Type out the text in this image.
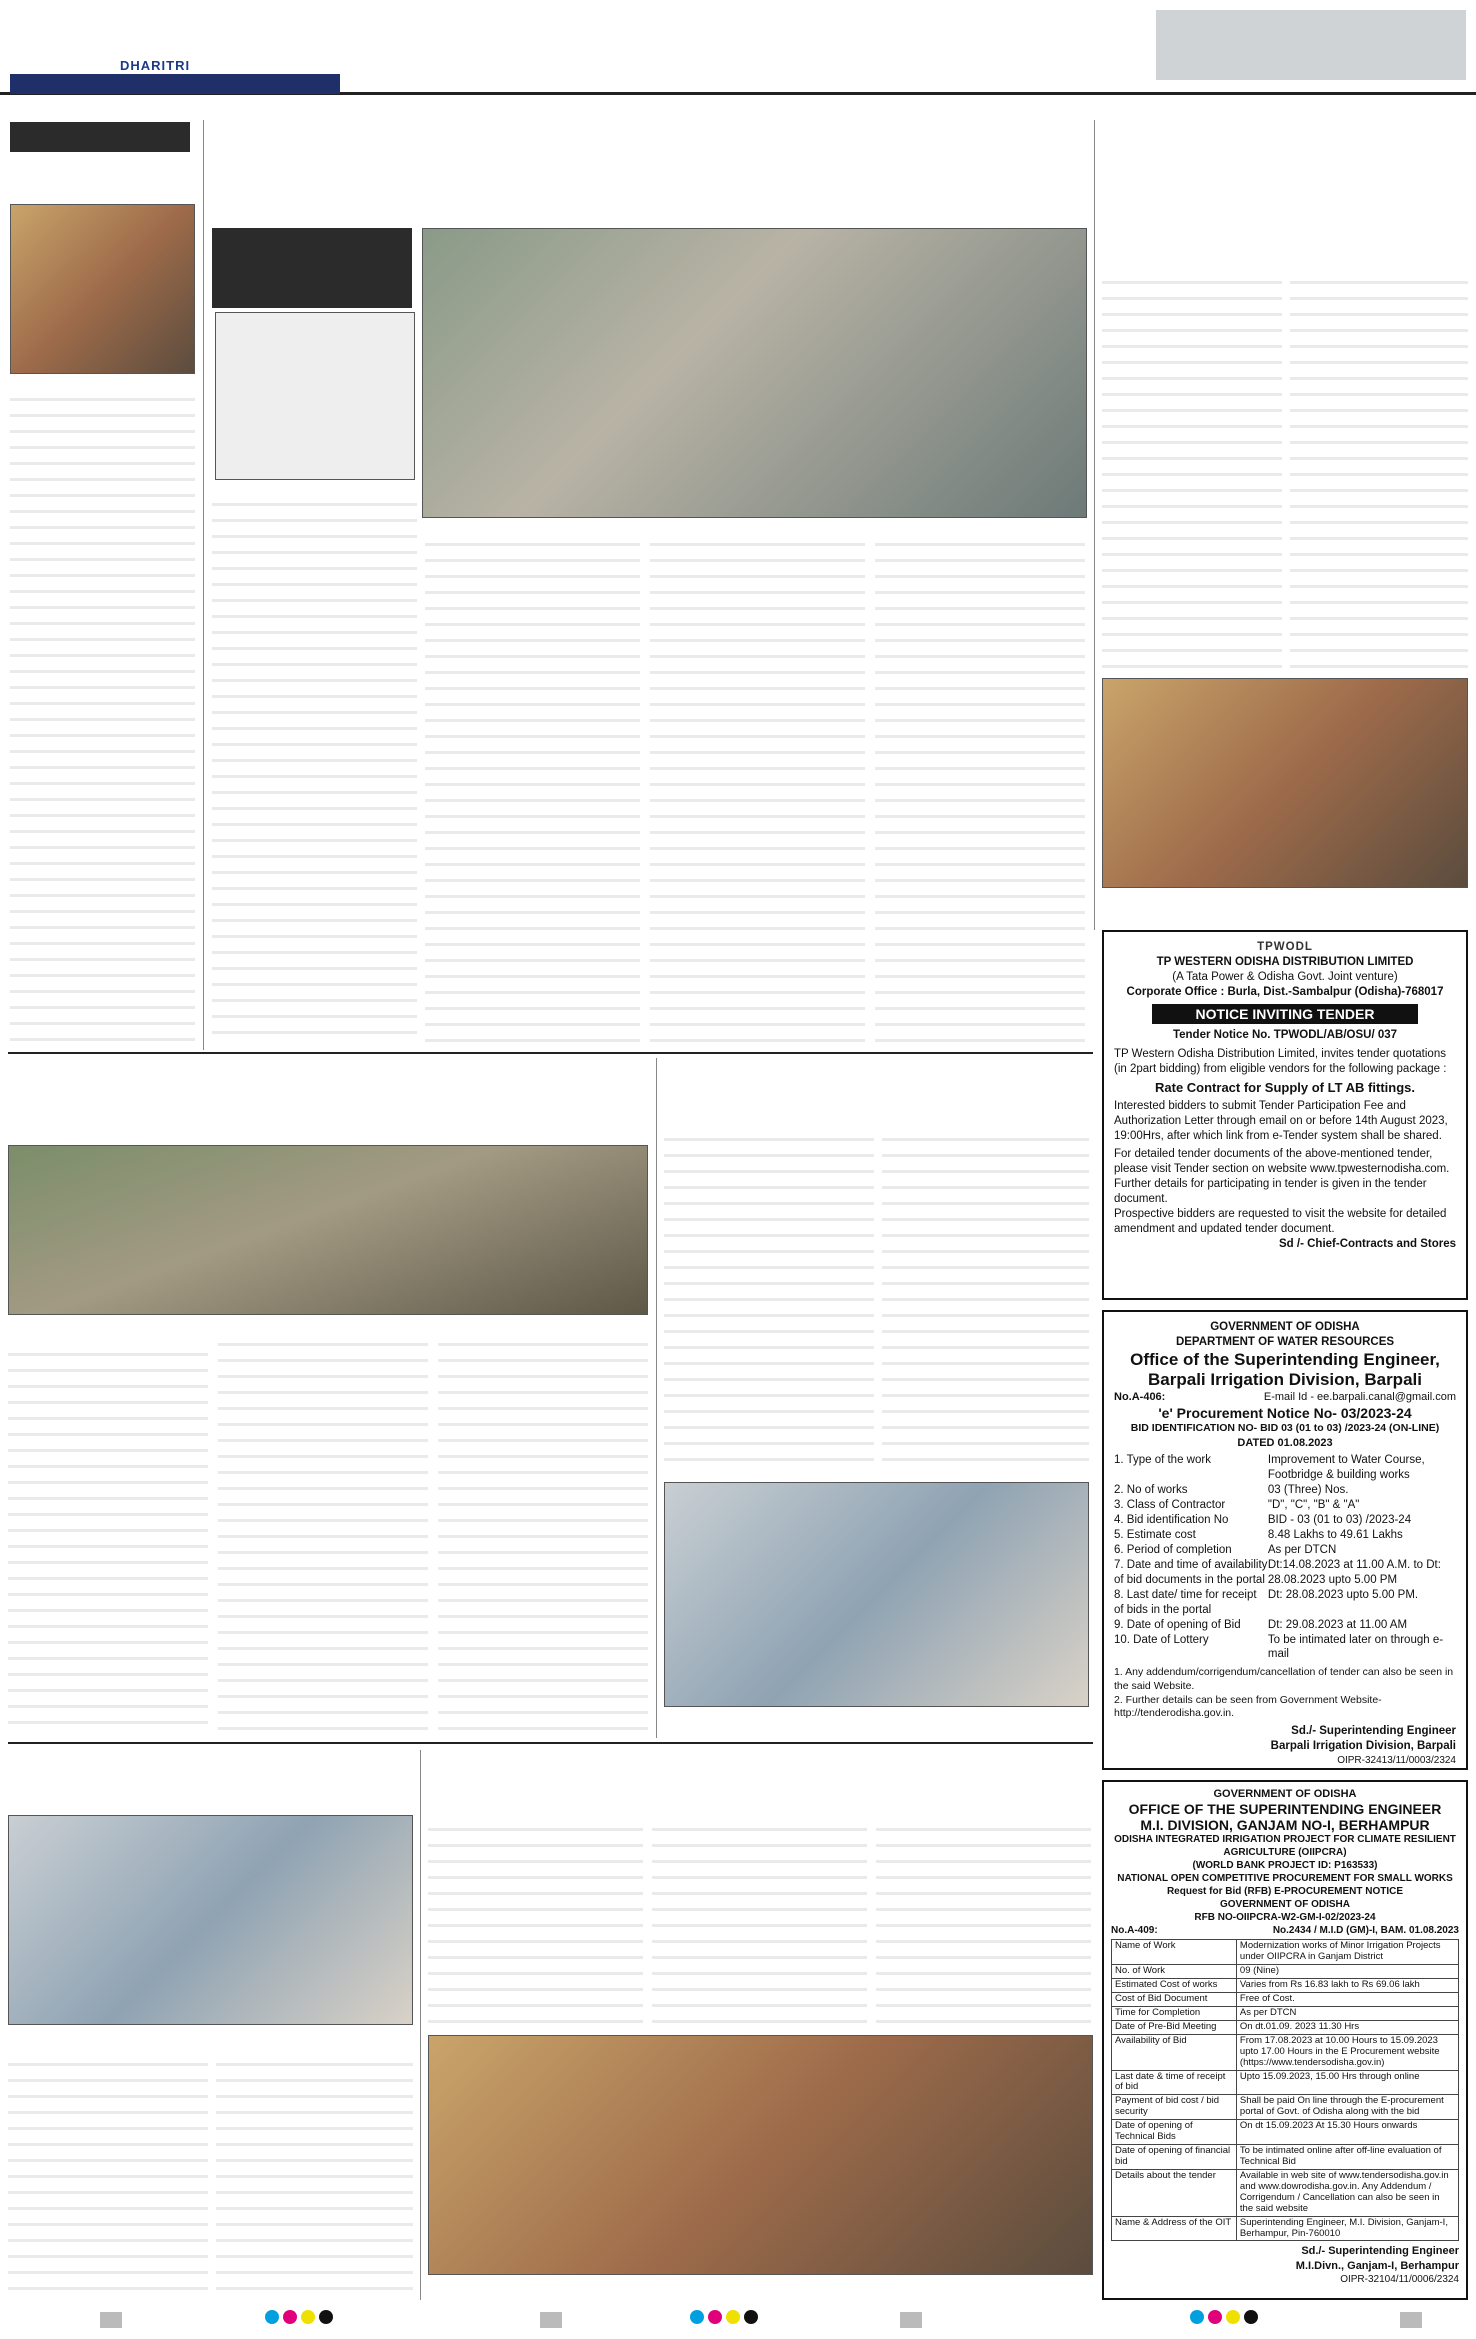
DHARITRI
TPWODL
TP WESTERN ODISHA DISTRIBUTION LIMITED
(A Tata Power & Odisha Govt. Joint venture)
Corporate Office : Burla, Dist.-Sambalpur (Odisha)-768017
NOTICE INVITING TENDER
Tender Notice No. TPWODL/AB/OSU/ 037

TP Western Odisha Distribution Limited, invites tender quotations (in 2part bidding) from eligible vendors for the following package :

Rate Contract for Supply of LT AB fittings.

Interested bidders to submit Tender Participation Fee and Authorization Letter through email on or before 14th August 2023, 19:00Hrs, after which link from e-Tender system shall be shared.

For detailed tender documents of the above-mentioned tender, please visit Tender section on website www.tpwesternodisha.com. Further details for participating in tender is given in the tender document.

Prospective bidders are requested to visit the website for detailed amendment and updated tender document.

Sd /- Chief-Contracts and Stores

GOVERNMENT OF ODISHA
DEPARTMENT OF WATER RESOURCES
Office of the Superintending Engineer,
Barpali Irrigation Division, Barpali
No.A-406:	E-mail Id - ee.barpali.canal@gmail.com
'e' Procurement Notice No- 03/2023-24
BID IDENTIFICATION NO- BID 03 (01 to 03) /2023-24 (ON-LINE)
DATED 01.08.2023
1. Type of the work	Improvement to Water Course, Footbridge & building works
2. No of works	03 (Three) Nos.
3. Class of Contractor	"D", "C", "B" & "A"
4. Bid identification No	BID - 03 (01 to 03) /2023-24
5. Estimate cost	8.48 Lakhs to 49.61 Lakhs
6. Period of completion	As per DTCN
7. Date and time of availability of bid documents in the portal
Dt:14.08.2023 at 11.00 A.M. to Dt: 28.08.2023 upto 5.00 PM
8. Last date/ time for receipt of bids in the portal
Dt: 28.08.2023 upto 5.00 PM.
9. Date of opening of Bid	Dt: 29.08.2023 at 11.00 AM
10. Date of Lottery	To be intimated later on through e-mail

1. Any addendum/corrigendum/cancellation of tender can also be seen in the said Website.

2. Further details can be seen from Government Website- http://tenderodisha.gov.in.

Sd./- Superintending Engineer

Barpali Irrigation Division, Barpali

OIPR-32413/11/0003/2324

GOVERNMENT OF ODISHA
OFFICE OF THE SUPERINTENDING ENGINEER
M.I. DIVISION, GANJAM NO-I, BERHAMPUR
ODISHA INTEGRATED IRRIGATION PROJECT FOR CLIMATE RESILIENT AGRICULTURE (OIIPCRA)
(WORLD BANK PROJECT ID: P163533)
NATIONAL OPEN COMPETITIVE PROCUREMENT FOR SMALL WORKS
Request for Bid (RFB) E-PROCUREMENT NOTICE
GOVERNMENT OF ODISHA
RFB NO-OIIPCRA-W2-GM-I-02/2023-24
No.A-409:	No.2434 / M.I.D (GM)-I, BAM. 01.08.2023
Name of Work	Modernization works of Minor Irrigation Projects under OIIPCRA in Ganjam District
No. of Work	09 (Nine)
Estimated Cost of works	Varies from Rs 16.83 lakh to Rs 69.06 lakh
Cost of Bid Document	Free of Cost.
Time for Completion	As per DTCN
Date of Pre-Bid Meeting	On dt.01.09. 2023 11.30 Hrs
Availability of Bid	From 17.08.2023 at 10.00 Hours to 15.09.2023 upto 17.00 Hours in the E Procurement website (https://www.tendersodisha.gov.in)
Last date & time of receipt of bid	Upto 15.09.2023, 15.00 Hrs through online
Payment of bid cost / bid security	Shall be paid On line through the E-procurement portal of Govt. of Odisha along with the bid
Date of opening of Technical Bids	On dt 15.09.2023 At 15.30 Hours onwards
Date of opening of financial bid	To be intimated online after off-line evaluation of Technical Bid
Details about the tender	Available in web site of www.tendersodisha.gov.in and www.dowrodisha.gov.in. Any Addendum / Corrigendum / Cancellation can also be seen in the said website
Name & Address of the OIT	Superintending Engineer, M.I. Division, Ganjam-I, Berhampur, Pin-760010

Sd./- Superintending Engineer

M.I.Divn., Ganjam-I, Berhampur

OIPR-32104/11/0006/2324
